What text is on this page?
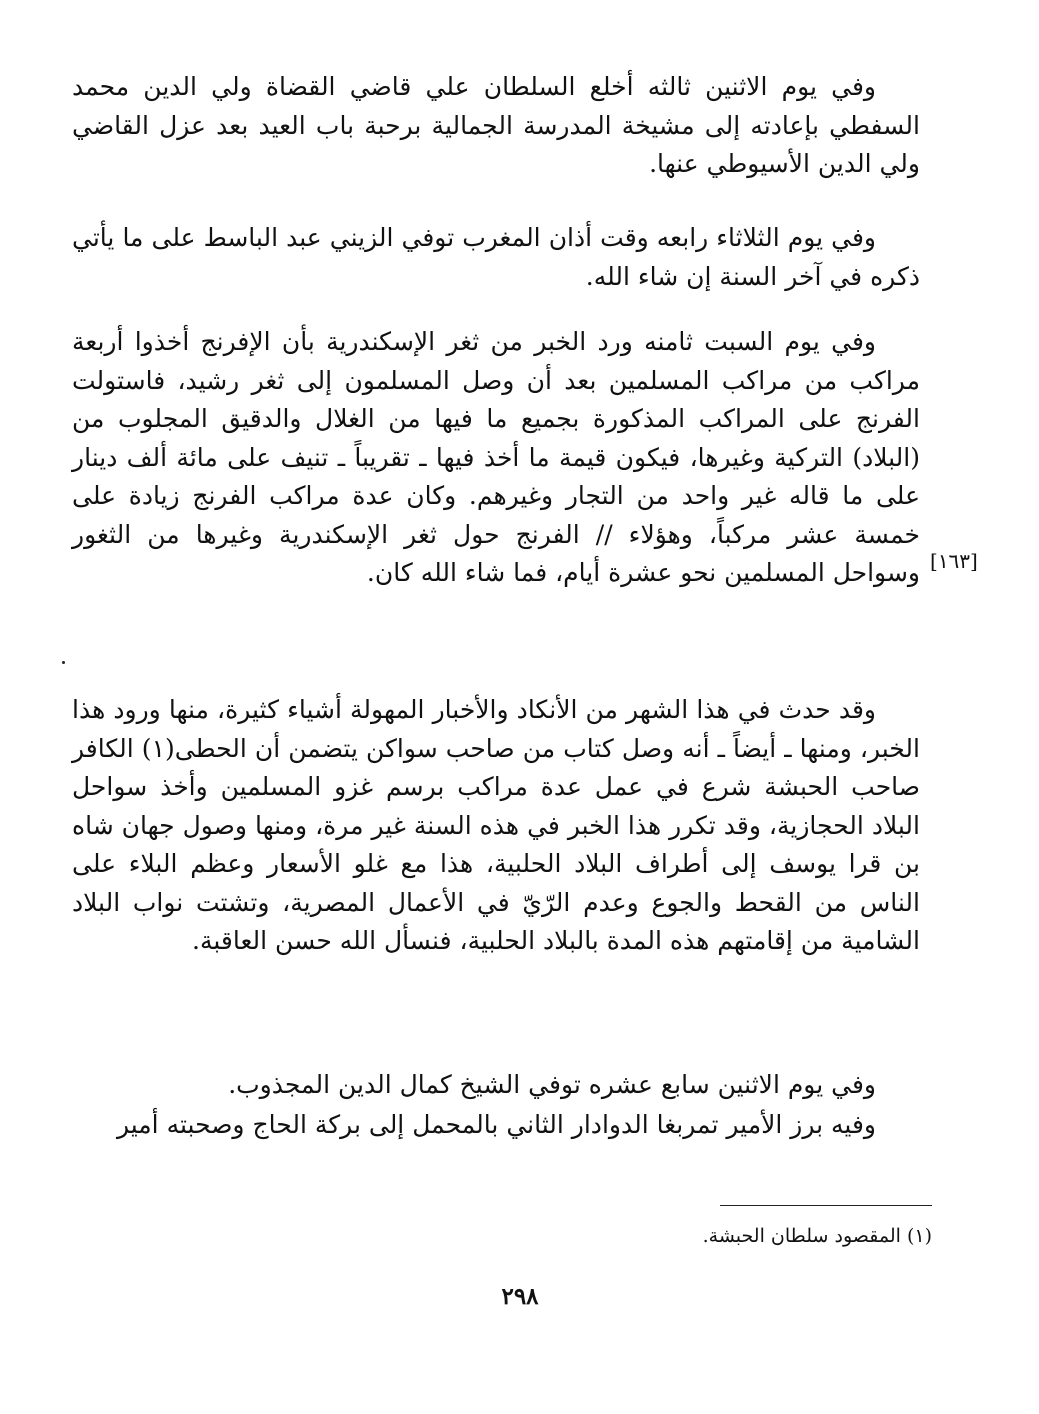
وفي يوم الاثنين ثالثه أخلع السلطان علي قاضي القضاة ولي الدين محمد السفطي بإعادته إلى مشيخة المدرسة الجمالية برحبة باب العيد بعد عزل القاضي ولي الدين الأسيوطي عنها.

وفي يوم الثلاثاء رابعه وقت أذان المغرب توفي الزيني عبد الباسط على ما يأتي ذكره في آخر السنة إن شاء الله.

وفي يوم السبت ثامنه ورد الخبر من ثغر الإسكندرية بأن الإفرنج أخذوا أربعة مراكب من مراكب المسلمين بعد أن وصل المسلمون إلى ثغر رشيد، فاستولت الفرنج على المراكب المذكورة بجميع ما فيها من الغلال والدقيق المجلوب من (البلاد) التركية وغيرها، فيكون قيمة ما أخذ فيها ـ تقريباً ـ تنيف على مائة ألف دينار على ما قاله غير واحد من التجار وغيرهم. وكان عدة مراكب الفرنج زيادة على خمسة عشر مركباً، وهؤلاء // الفرنج حول ثغر الإسكندرية وغيرها من الثغور وسواحل المسلمين نحو عشرة أيام، فما شاء الله كان. [١٦٣]

وقد حدث في هذا الشهر من الأنكاد والأخبار المهولة أشياء كثيرة، منها ورود هذا الخبر، ومنها ـ أيضاً ـ أنه وصل كتاب من صاحب سواكن يتضمن أن الحطى(١) الكافر صاحب الحبشة شرع في عمل عدة مراكب برسم غزو المسلمين وأخذ سواحل البلاد الحجازية، وقد تكرر هذا الخبر في هذه السنة غير مرة، ومنها وصول جهان شاه بن قرا يوسف إلى أطراف البلاد الحلبية، هذا مع غلو الأسعار وعظم البلاء على الناس من القحط والجوع وعدم الرّيّ في الأعمال المصرية، وتشتت نواب البلاد الشامية من إقامتهم هذه المدة بالبلاد الحلبية، فنسأل الله حسن العاقبة.

وفي يوم الاثنين سابع عشره توفي الشيخ كمال الدين المجذوب.

وفيه برز الأمير تمربغا الدوادار الثاني بالمحمل إلى بركة الحاج وصحبته أمير

(١) المقصود سلطان الحبشة.
٢٩٨
